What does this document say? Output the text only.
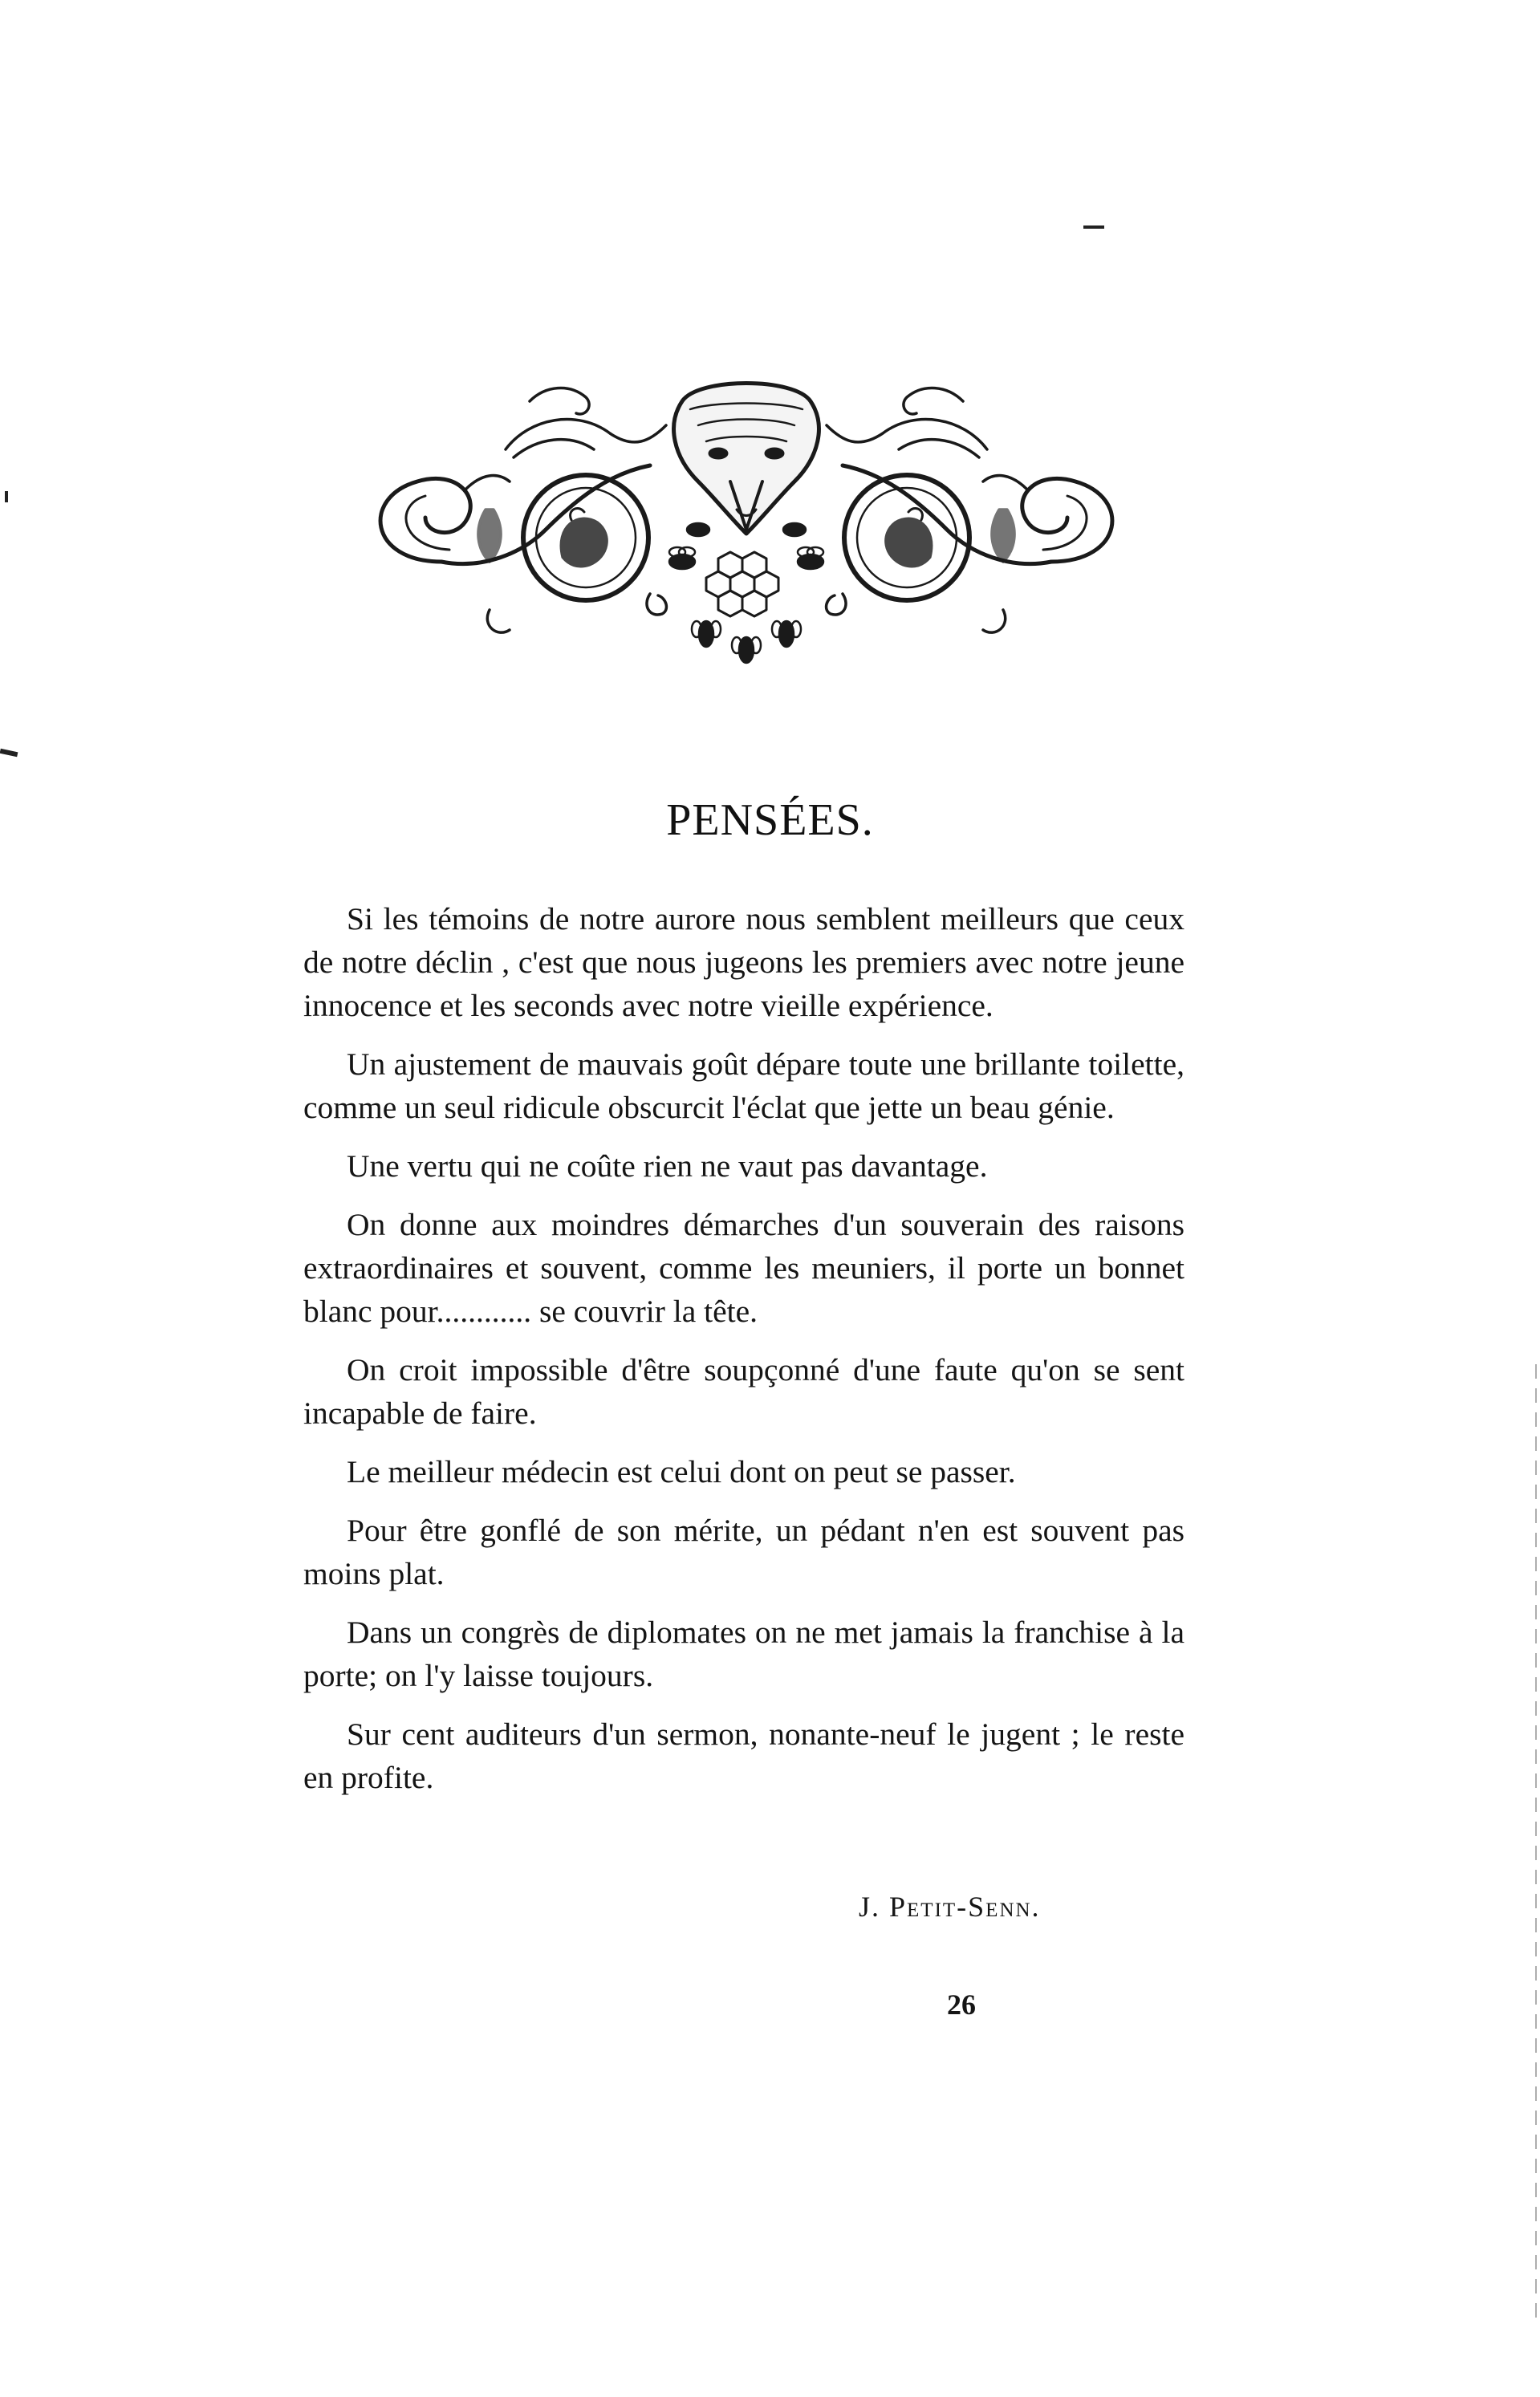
PENSÉES.

Si les témoins de notre aurore nous semblent meilleurs que ceux de notre déclin , c'est que nous jugeons les premiers avec notre jeune innocence et les seconds avec notre vieille expérience.

Un ajustement de mauvais goût dépare toute une brillante toilette, comme un seul ridicule obscurcit l'éclat que jette un beau génie.

Une vertu qui ne coûte rien ne vaut pas davantage.

On donne aux moindres démarches d'un souverain des raisons extraordinaires et souvent, comme les meuniers, il porte un bonnet blanc pour............ se couvrir la tête.

On croit impossible d'être soupçonné d'une faute qu'on se sent incapable de faire.

Le meilleur médecin est celui dont on peut se passer.

Pour être gonflé de son mérite, un pédant n'en est souvent pas moins plat.

Dans un congrès de diplomates on ne met jamais la franchise à la porte; on l'y laisse toujours.

Sur cent auditeurs d'un sermon, nonante-neuf le jugent ; le reste en profite.

J. Petit-Senn.
26
